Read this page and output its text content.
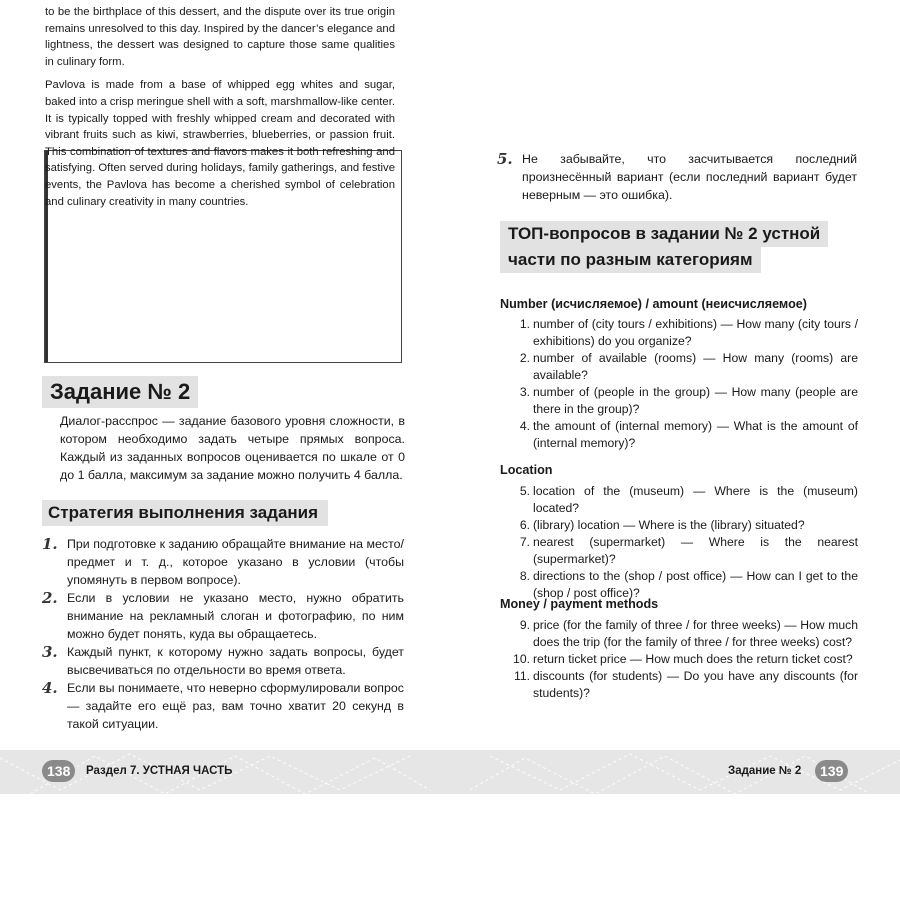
to be the birthplace of this dessert, and the dispute over its true origin remains unresolved to this day. Inspired by the dancer’s elegance and lightness, the dessert was designed to capture those same qualities in culinary form.

Pavlova is made from a base of whipped egg whites and sugar, baked into a crisp meringue shell with a soft, marshmallow-like center. It is typically topped with freshly whipped cream and decorated with vibrant fruits such as kiwi, strawberries, blueberries, or passion fruit. This combination of textures and flavors makes it both refreshing and satisfying. Often served during holidays, family gatherings, and festive events, the Pavlova has become a cherished symbol of celebration and culinary creativity in many countries.

Задание № 2
Диалог-расспрос — задание базового уровня сложности, в котором необходимо задать четыре прямых вопроса. Каждый из заданных вопросов оценивается по шкале от 0 до 1 балла, максимум за задание можно получить 4 балла.
Стратегия выполнения задания
1. При подготовке к заданию обращайте внимание на место/предмет и т. д., которое указано в условии (чтобы упомянуть в первом вопросе).
2. Если в условии не указано место, нужно обратить внимание на рекламный слоган и фотографию, по ним можно будет понять, куда вы обращаетесь.
3. Каждый пункт, к которому нужно задать вопросы, будет высвечиваться по отдельности во время ответа.
4. Если вы понимаете, что неверно сформулировали вопрос — задайте его ещё раз, вам точно хватит 20 секунд в такой ситуации.
5. Не забывайте, что засчитывается последний произнесённый вариант (если последний вариант будет неверным — это ошибка).
ТОП-вопросов в задании № 2 устной
части по разным категориям
Number (исчисляемое) / amount (неисчисляемое)
1. number of (city tours / exhibitions) — How many (city tours / exhibitions) do you organize?
2. number of available (rooms) — How many (rooms) are available?
3. number of (people in the group) — How many (people are there in the group)?
4. the amount of (internal memory) — What is the amount of (internal memory)?
Location
5. location of the (museum) — Where is the (museum) located?
6. (library) location — Where is the (library) situated?
7. nearest (supermarket) — Where is the nearest (supermarket)?
8. directions to the (shop / post office) — How can I get to the (shop / post office)?
Money / payment methods
9. price (for the family of three / for three weeks) — How much does the trip (for the family of three / for three weeks) cost?
10. return ticket price — How much does the return ticket cost?
11. discounts (for students) — Do you have any discounts (for students)?
138	Раздел 7. УСТНАЯ ЧАСТЬ	Задание № 2	139
